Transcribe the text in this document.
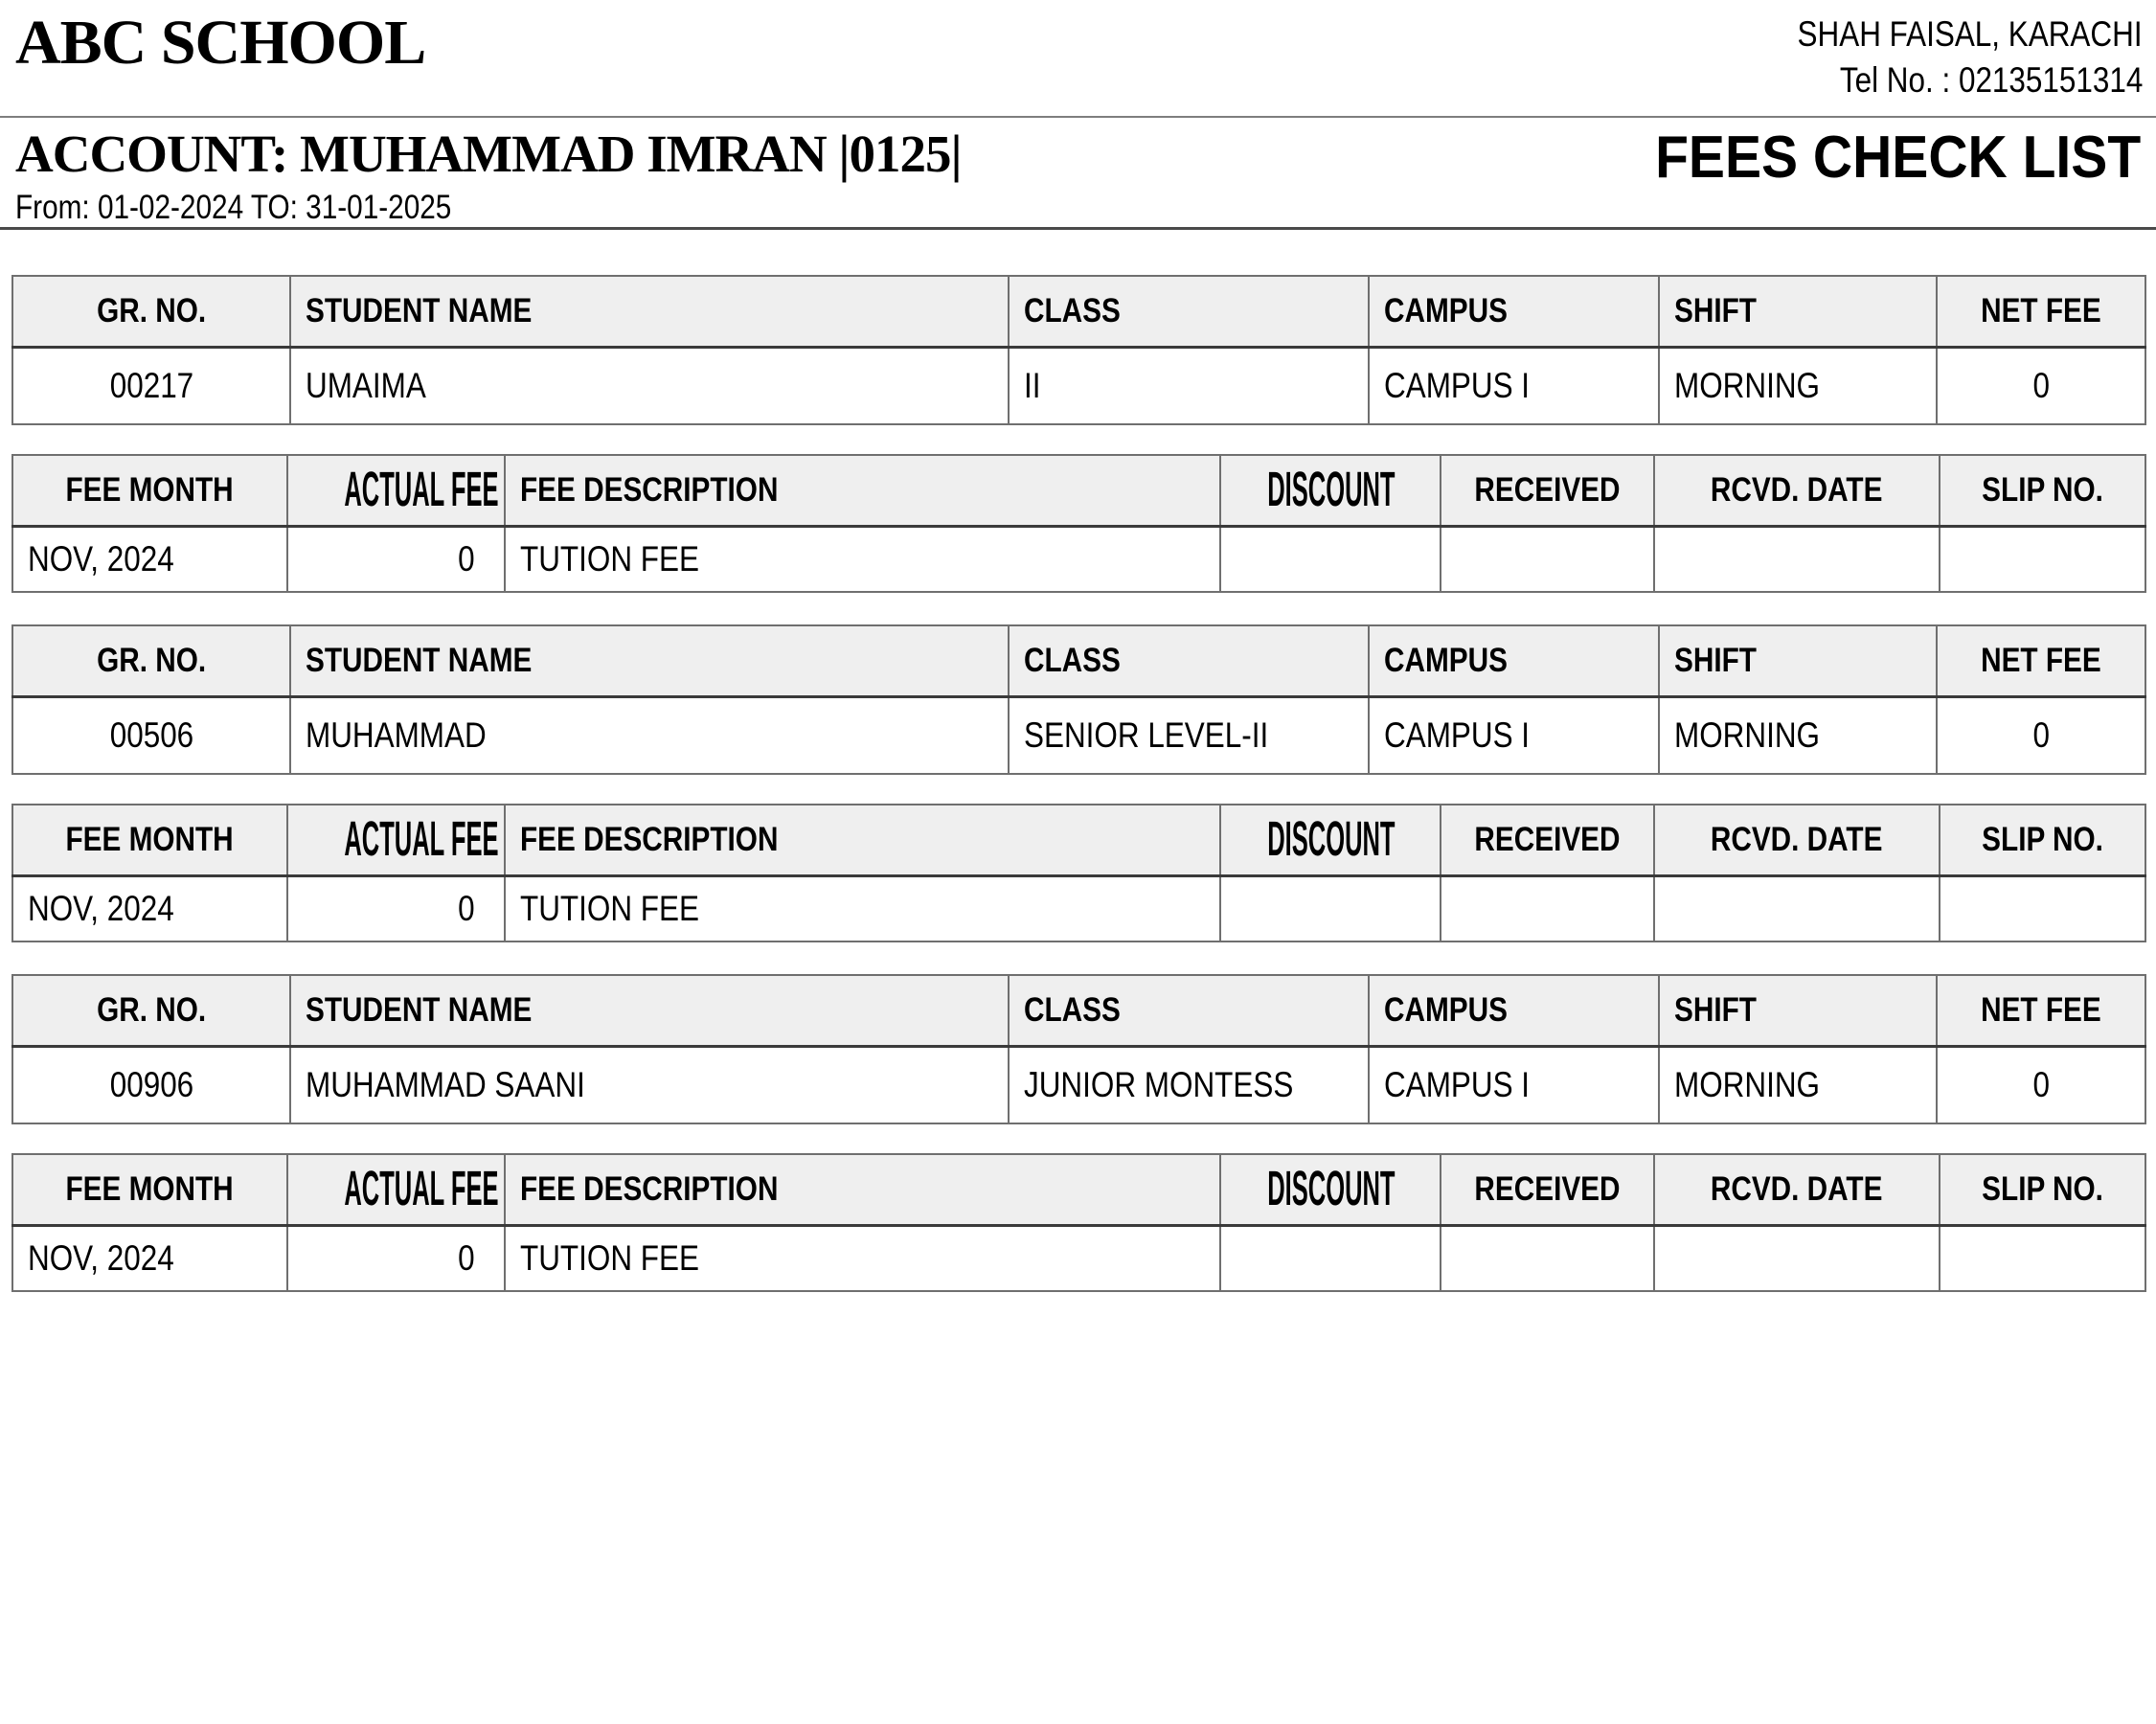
ABC SCHOOL	SHAH FAISAL, KARACHI
Tel No. : 02135151314
ACCOUNT: MUHAMMAD IMRAN |0125|
From: 01-02-2024 TO: 31-01-2025
FEES CHECK LIST
GR. NO.	STUDENT NAME	CLASS	CAMPUS	SHIFT	NET FEE
00217	UMAIMA	II	CAMPUS I	MORNING	0
FEE MONTH	ACTUAL FEE	FEE DESCRIPTION	DISCOUNT	RECEIVED	RCVD. DATE	SLIP NO.
NOV, 2024	0	TUTION FEE				
GR. NO.	STUDENT NAME	CLASS	CAMPUS	SHIFT	NET FEE
00506	MUHAMMAD	SENIOR LEVEL-II	CAMPUS I	MORNING	0
FEE MONTH	ACTUAL FEE	FEE DESCRIPTION	DISCOUNT	RECEIVED	RCVD. DATE	SLIP NO.
NOV, 2024	0	TUTION FEE				
GR. NO.	STUDENT NAME	CLASS	CAMPUS	SHIFT	NET FEE
00906	MUHAMMAD SAANI	JUNIOR MONTESS	CAMPUS I	MORNING	0
FEE MONTH	ACTUAL FEE	FEE DESCRIPTION	DISCOUNT	RECEIVED	RCVD. DATE	SLIP NO.
NOV, 2024	0	TUTION FEE				
